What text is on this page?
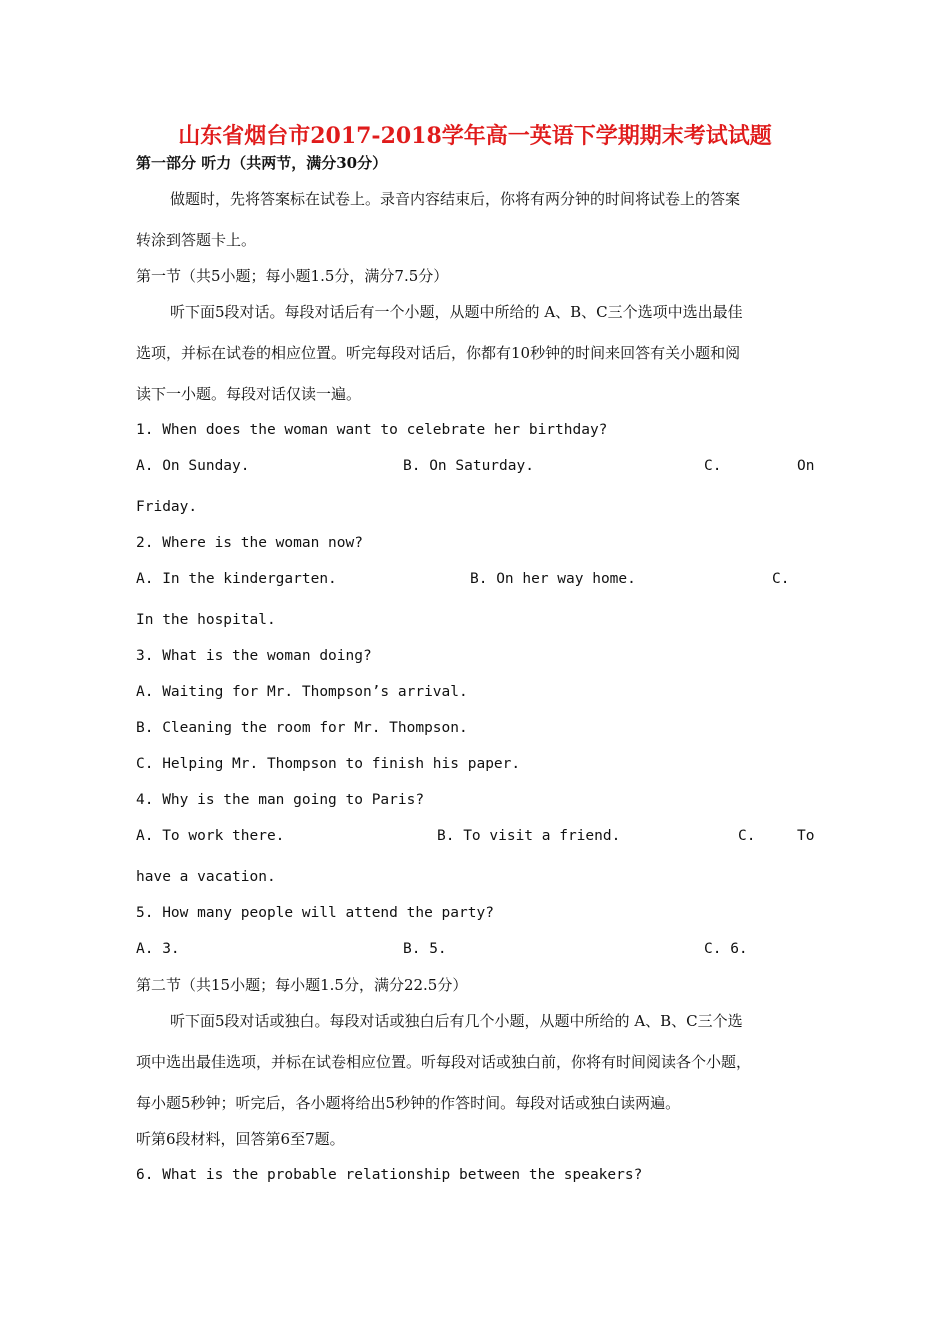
山东省烟台市2017-2018学年高一英语下学期期末考试试题
第一部分 听力（共两节，满分30分）
做题时，先将答案标在试卷上。录音内容结束后，你将有两分钟的时间将试卷上的答案
转涂到答题卡上。
第一节（共5小题；每小题1.5分，满分7.5分）
听下面5段对话。每段对话后有一个小题，从题中所给的 A、B、C三个选项中选出最佳
选项，并标在试卷的相应位置。听完每段对话后，你都有10秒钟的时间来回答有关小题和阅
读下一小题。每段对话仅读一遍。
1. When does the woman want to celebrate her birthday?
A. On Sunday.	B. On Saturday.	C.	On
Friday.
2. Where is the woman now?
A. In the kindergarten.	B. On her way home.	C.
In the hospital.
3. What is the woman doing?
A. Waiting for Mr. Thompson’s arrival.
B. Cleaning the room for Mr. Thompson.
C. Helping Mr. Thompson to finish his paper.
4. Why is the man going to Paris?
A. To work there.	B. To visit a friend.	C.	To
have a vacation.
5. How many people will attend the party?
A. 3.	B. 5.	C. 6.
第二节（共15小题；每小题1.5分，满分22.5分）
听下面5段对话或独白。每段对话或独白后有几个小题，从题中所给的 A、B、C三个选
项中选出最佳选项，并标在试卷相应位置。听每段对话或独白前，你将有时间阅读各个小题，
每小题5秒钟；听完后，各小题将给出5秒钟的作答时间。每段对话或独白读两遍。
听第6段材料，回答第6至7题。
6. What is the probable relationship between the speakers?
